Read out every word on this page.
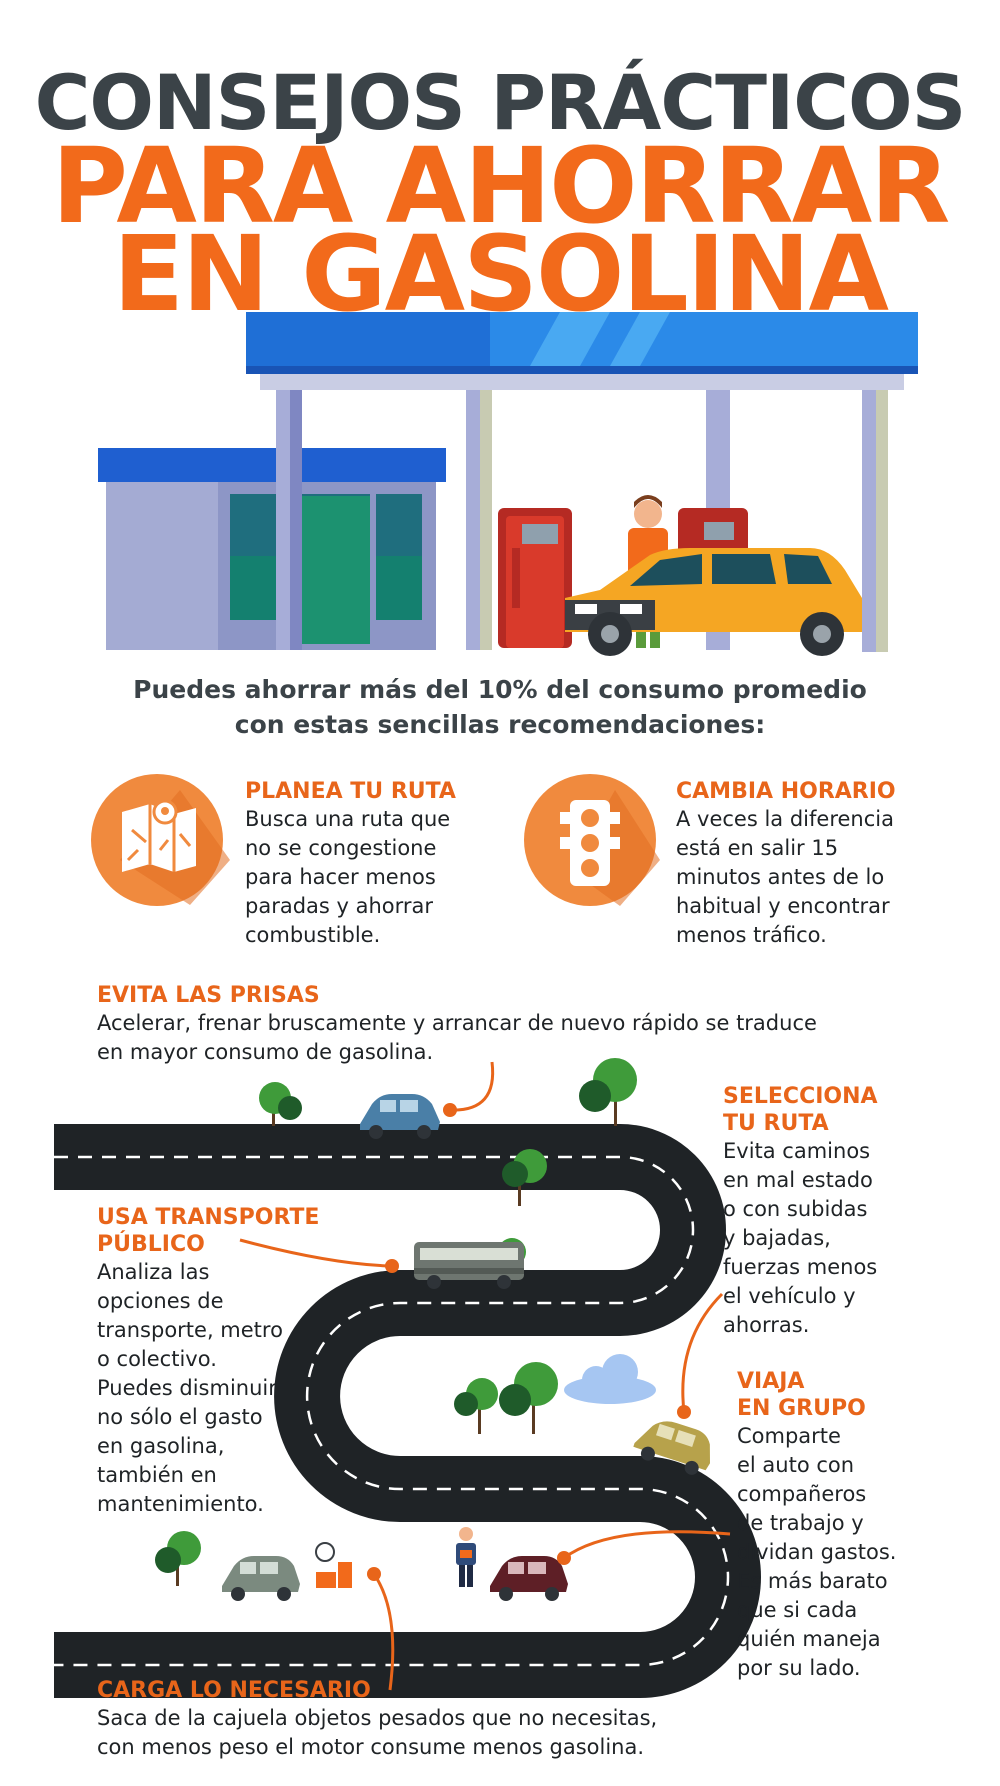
CONSEJOS PRÁCTICOS
PARA AHORRAR
EN GASOLINA
Puedes ahorrar más del 10% del consumo promedio
con estas sencillas recomendaciones:
PLANEA TU RUTA
Busca una ruta que
no se congestione
para hacer menos
paradas y ahorrar
combustible.
CAMBIA HORARIO
A veces la diferencia
está en salir 15
minutos antes de lo
habitual y encontrar
menos tráfico.
EVITA LAS PRISAS
Acelerar, frenar bruscamente y arrancar de nuevo rápido se traduce
en mayor consumo de gasolina.
SELECCIONA
TU RUTA
Evita caminos
en mal estado
o con subidas
y bajadas,
fuerzas menos
el vehículo y
ahorras.
USA TRANSPORTE
PÚBLICO
Analiza las
opciones de
transporte, metro
o colectivo.
Puedes disminuir
no sólo el gasto
en gasolina,
también en
mantenimiento.
VIAJA
EN GRUPO
Comparte
el auto con
compañeros
de trabajo y
dividan gastos.
Es más barato
que si cada
quién maneja
por su lado.
CARGA LO NECESARIO
Saca de la cajuela objetos pesados que no necesitas,
con menos peso el motor consume menos gasolina.
